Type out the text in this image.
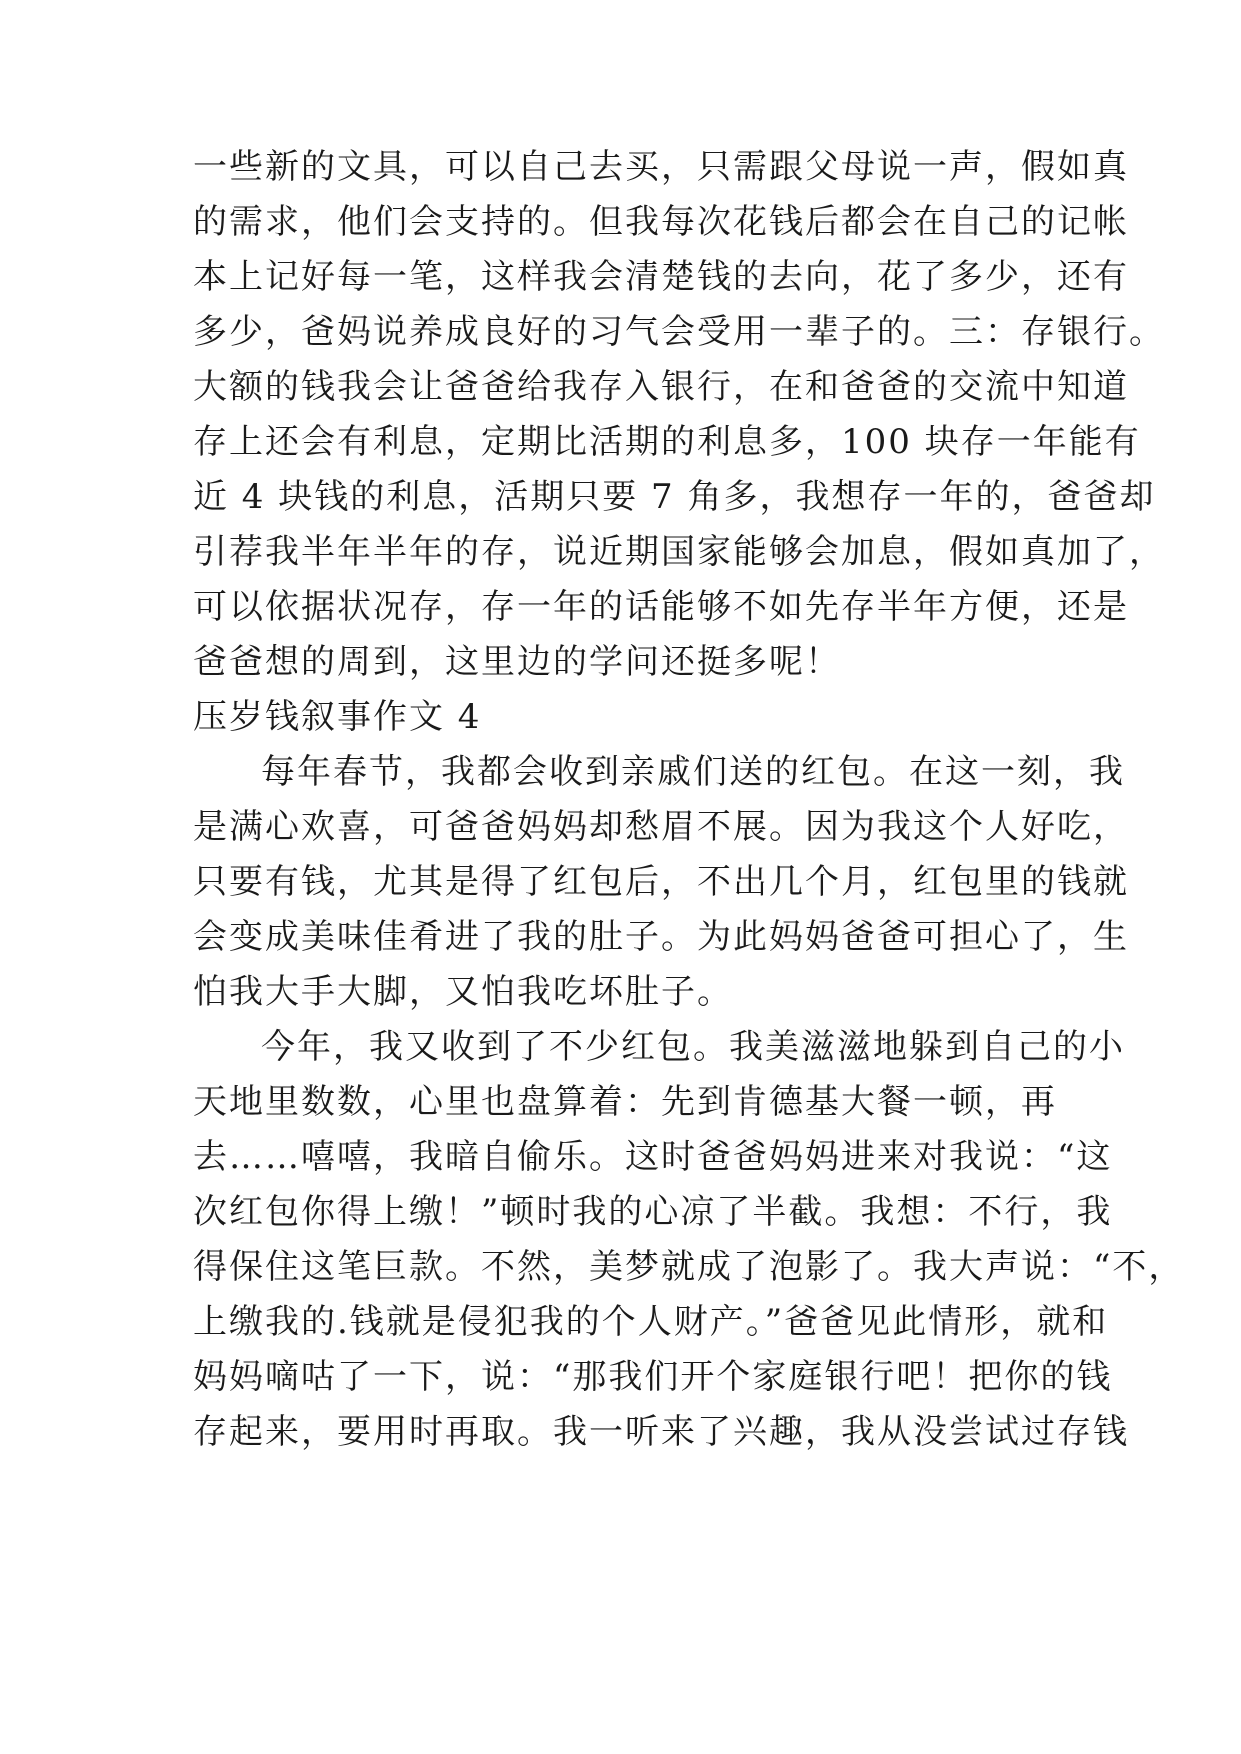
一些新的文具，可以自己去买，只需跟父母说一声，假如真
的需求，他们会支持的。但我每次花钱后都会在自己的记帐
本上记好每一笔，这样我会清楚钱的去向，花了多少，还有
多少，爸妈说养成良好的习气会受用一辈子的。三：存银行。
大额的钱我会让爸爸给我存入银行，在和爸爸的交流中知道
存上还会有利息，定期比活期的利息多，100 块存一年能有
近 4 块钱的利息，活期只要 7 角多，我想存一年的，爸爸却
引荐我半年半年的存，说近期国家能够会加息，假如真加了，
可以依据状况存，存一年的话能够不如先存半年方便，还是
爸爸想的周到，这里边的学问还挺多呢！
压岁钱叙事作文 4
每年春节，我都会收到亲戚们送的红包。在这一刻，我
是满心欢喜，可爸爸妈妈却愁眉不展。因为我这个人好吃，
只要有钱，尤其是得了红包后，不出几个月，红包里的钱就
会变成美味佳肴进了我的肚子。为此妈妈爸爸可担心了，生
怕我大手大脚，又怕我吃坏肚子。
今年，我又收到了不少红包。我美滋滋地躲到自己的小
天地里数数，心里也盘算着：先到肯德基大餐一顿，再
去……嘻嘻，我暗自偷乐。这时爸爸妈妈进来对我说：“这
次红包你得上缴！”顿时我的心凉了半截。我想：不行，我
得保住这笔巨款。不然，美梦就成了泡影了。我大声说：“不，
上缴我的.钱就是侵犯我的个人财产。”爸爸见此情形，就和
妈妈嘀咕了一下，说：“那我们开个家庭银行吧！把你的钱
存起来，要用时再取。我一听来了兴趣，我从没尝试过存钱
